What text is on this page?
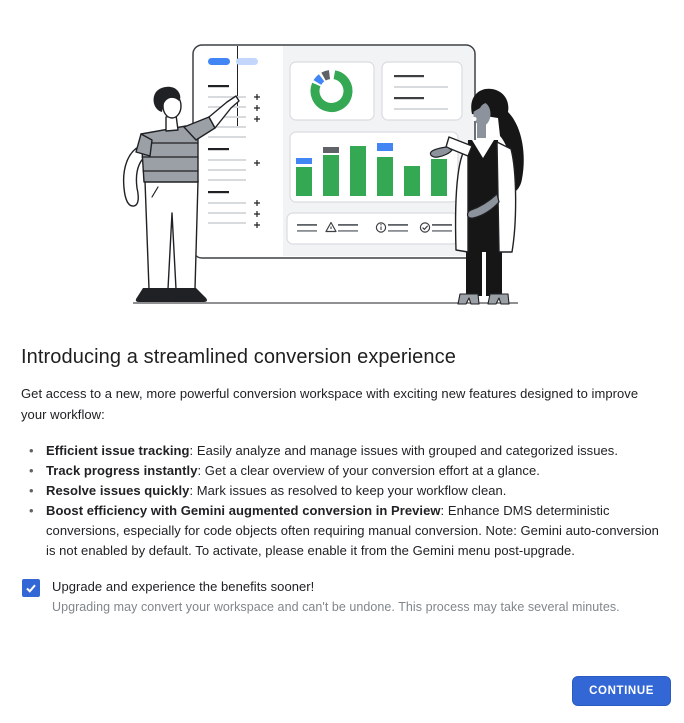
Introducing a streamlined conversion experience

Get access to a new, more powerful conversion workspace with exciting new features designed to improve your workflow:

• Efficient issue tracking: Easily analyze and manage issues with grouped and categorized issues.
• Track progress instantly: Get a clear overview of your conversion effort at a glance.
• Resolve issues quickly: Mark issues as resolved to keep your workflow clean.
• Boost efficiency with Gemini augmented conversion in Preview: Enhance DMS deterministic conversions, especially for code objects often requiring manual conversion. Note: Gemini auto-conversion is not enabled by default. To activate, please enable it from the Gemini menu post-upgrade.
Upgrade and experience the benefits sooner!
Upgrading may convert your workspace and can't be undone. This process may take several minutes.
CONTINUE
